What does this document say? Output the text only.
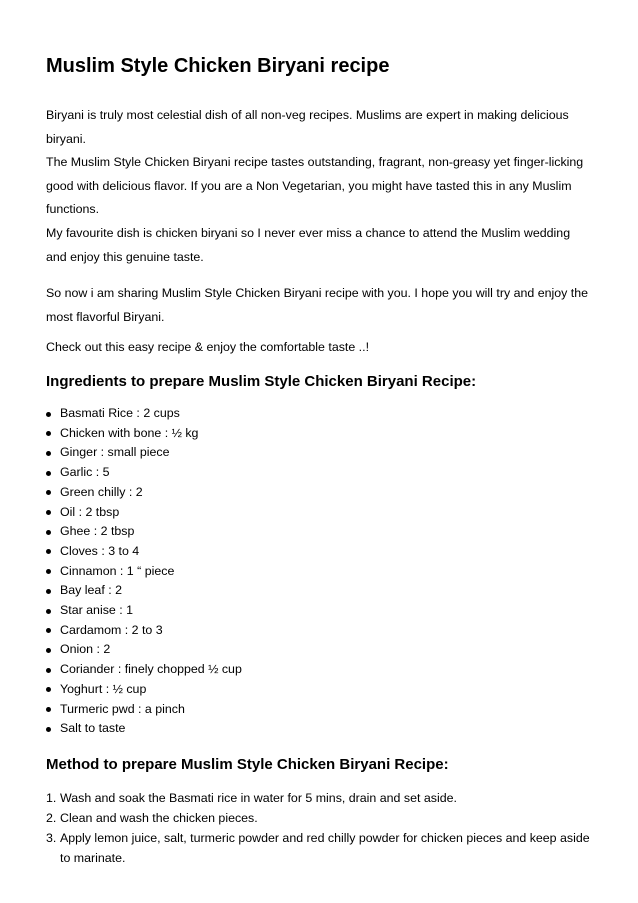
Muslim Style Chicken Biryani recipe

Biryani is truly most celestial dish of all non-veg recipes. Muslims are expert in making delicious biryani.

The Muslim Style Chicken Biryani recipe tastes outstanding, fragrant, non-greasy yet finger-licking good with delicious flavor. If you are a Non Vegetarian, you might have tasted this in any Muslim functions.

My favourite dish is chicken biryani so I never ever miss a chance to attend the Muslim wedding and enjoy this genuine taste.

So now i am sharing Muslim Style Chicken Biryani recipe with you. I hope you will try and enjoy the most flavorful Biryani.

Check out this easy recipe & enjoy the comfortable taste ..!

Ingredients to prepare Muslim Style Chicken Biryani Recipe:
Basmati Rice : 2 cups
Chicken with bone : ½ kg
Ginger : small piece
Garlic : 5
Green chilly : 2
Oil : 2 tbsp
Ghee : 2 tbsp
Cloves : 3 to 4
Cinnamon : 1 “ piece
Bay leaf : 2
Star anise : 1
Cardamom : 2 to 3
Onion : 2
Coriander : finely chopped ½ cup
Yoghurt : ½ cup
Turmeric pwd : a pinch
Salt to taste
Method to prepare Muslim Style Chicken Biryani Recipe:
1. Wash and soak the Basmati rice in water for 5 mins, drain and set aside.
2. Clean and wash the chicken pieces.
3. Apply lemon juice, salt, turmeric powder and red chilly powder for chicken pieces and keep aside to marinate.
